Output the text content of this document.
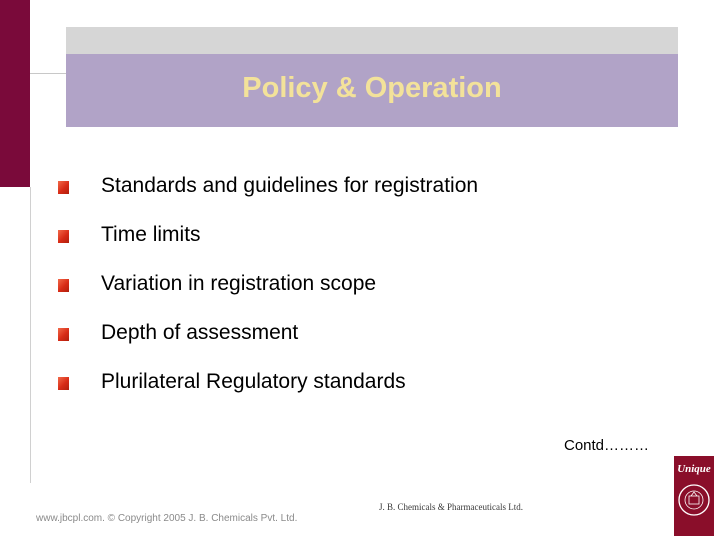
Policy & Operation
Standards and guidelines for registration
Time limits
Variation in registration scope
Depth of assessment
Plurilateral Regulatory standards
Contd………
www.jbcpl.com. © Copyright 2005 J. B. Chemicals Pvt. Ltd.
J. B. Chemicals & Pharmaceuticals Ltd.
Unique
